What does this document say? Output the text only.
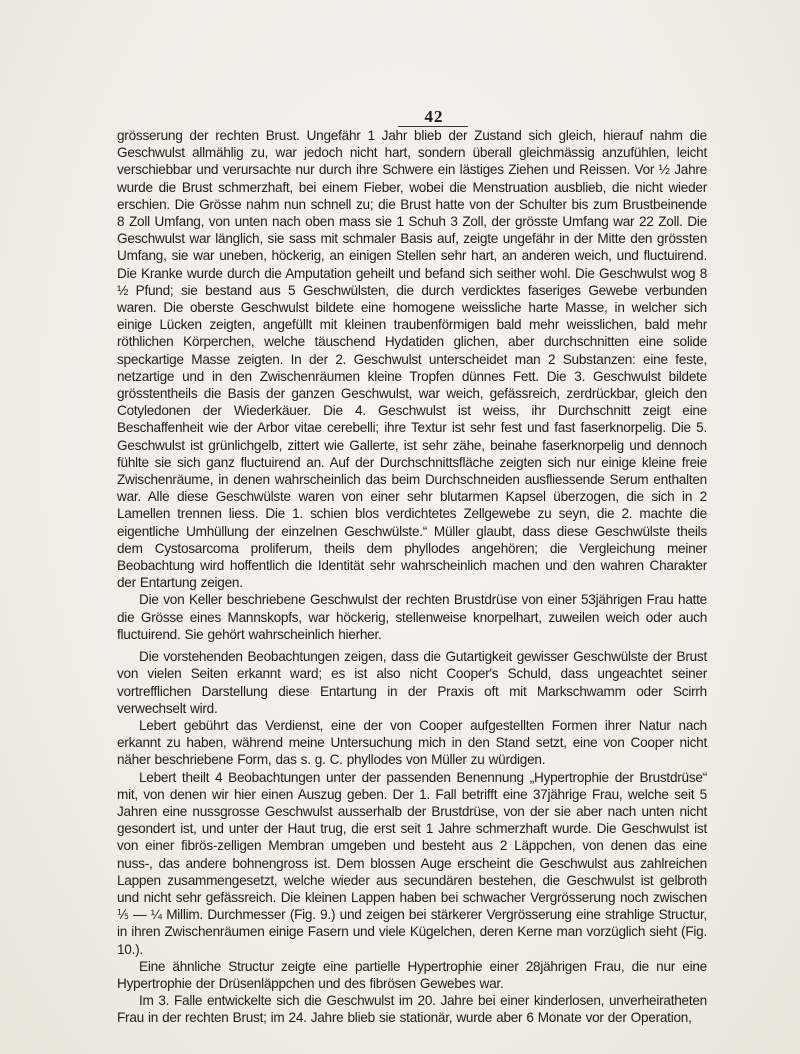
42

grösserung der rechten Brust. Ungefähr 1 Jahr blieb der Zustand sich gleich, hierauf nahm die Geschwulst allmählig zu, war jedoch nicht hart, sondern überall gleichmässig anzufühlen, leicht verschiebbar und verursachte nur durch ihre Schwere ein lästiges Ziehen und Reissen. Vor ½ Jahre wurde die Brust schmerzhaft, bei einem Fieber, wobei die Menstruation ausblieb, die nicht wieder erschien. Die Grösse nahm nun schnell zu; die Brust hatte von der Schulter bis zum Brustbeinende 8 Zoll Umfang, von unten nach oben mass sie 1 Schuh 3 Zoll, der grösste Umfang war 22 Zoll. Die Geschwulst war länglich, sie sass mit schmaler Basis auf, zeigte ungefähr in der Mitte den grössten Umfang, sie war uneben, höckerig, an einigen Stellen sehr hart, an anderen weich, und fluctuirend. Die Kranke wurde durch die Amputation geheilt und befand sich seither wohl. Die Geschwulst wog 8 ½ Pfund; sie bestand aus 5 Geschwülsten, die durch verdicktes faseriges Gewebe verbunden waren. Die oberste Geschwulst bildete eine homogene weissliche harte Masse, in welcher sich einige Lücken zeigten, angefüllt mit kleinen traubenförmigen bald mehr weisslichen, bald mehr röthlichen Körperchen, welche täuschend Hydatiden glichen, aber durchschnitten eine solide speckartige Masse zeigten. In der 2. Geschwulst unterscheidet man 2 Substanzen: eine feste, netzartige und in den Zwischenräumen kleine Tropfen dünnes Fett. Die 3. Geschwulst bildete grösstentheils die Basis der ganzen Geschwulst, war weich, gefässreich, zerdrückbar, gleich den Cotyledonen der Wiederkäuer. Die 4. Geschwulst ist weiss, ihr Durchschnitt zeigt eine Beschaffenheit wie der Arbor vitae cerebelli; ihre Textur ist sehr fest und fast faserknorpelig. Die 5. Geschwulst ist grünlichgelb, zittert wie Gallerte, ist sehr zähe, beinahe faserknorpelig und dennoch fühlte sie sich ganz fluctuirend an. Auf der Durchschnittsfläche zeigten sich nur einige kleine freie Zwischenräume, in denen wahrscheinlich das beim Durchschneiden ausfliessende Serum enthalten war. Alle diese Geschwülste waren von einer sehr blutarmen Kapsel überzogen, die sich in 2 Lamellen trennen liess. Die 1. schien blos verdichtetes Zellgewebe zu seyn, die 2. machte die eigentliche Umhüllung der einzelnen Geschwülste.“ Müller glaubt, dass diese Geschwülste theils dem Cystosarcoma proliferum, theils dem phyllodes angehören; die Vergleichung meiner Beobachtung wird hoffentlich die Identität sehr wahrscheinlich machen und den wahren Charakter der Entartung zeigen.

Die von Keller beschriebene Geschwulst der rechten Brustdrüse von einer 53jährigen Frau hatte die Grösse eines Mannskopfs, war höckerig, stellenweise knorpelhart, zuweilen weich oder auch fluctuirend. Sie gehört wahrscheinlich hierher.

Die vorstehenden Beobachtungen zeigen, dass die Gutartigkeit gewisser Geschwülste der Brust von vielen Seiten erkannt ward; es ist also nicht Cooper's Schuld, dass ungeachtet seiner vortrefflichen Darstellung diese Entartung in der Praxis oft mit Markschwamm oder Scirrh verwechselt wird.

Lebert gebührt das Verdienst, eine der von Cooper aufgestellten Formen ihrer Natur nach erkannt zu haben, während meine Untersuchung mich in den Stand setzt, eine von Cooper nicht näher beschriebene Form, das s. g. C. phyllodes von Müller zu würdigen.

Lebert theilt 4 Beobachtungen unter der passenden Benennung „Hypertrophie der Brustdrüse“ mit, von denen wir hier einen Auszug geben. Der 1. Fall betrifft eine 37jährige Frau, welche seit 5 Jahren eine nussgrosse Geschwulst ausserhalb der Brustdrüse, von der sie aber nach unten nicht gesondert ist, und unter der Haut trug, die erst seit 1 Jahre schmerzhaft wurde. Die Geschwulst ist von einer fibrös-zelligen Membran umgeben und besteht aus 2 Läppchen, von denen das eine nuss-, das andere bohnengross ist. Dem blossen Auge erscheint die Geschwulst aus zahlreichen Lappen zusammengesetzt, welche wieder aus secundären bestehen, die Geschwulst ist gelbroth und nicht sehr gefässreich. Die kleinen Lappen haben bei schwacher Vergrösserung noch zwischen ⅕ — ¼ Millim. Durchmesser (Fig. 9.) und zeigen bei stärkerer Vergrösserung eine strahlige Structur, in ihren Zwischenräumen einige Fasern und viele Kügelchen, deren Kerne man vorzüglich sieht (Fig. 10.).

Eine ähnliche Structur zeigte eine partielle Hypertrophie einer 28jährigen Frau, die nur eine Hypertrophie der Drüsenläppchen und des fibrösen Gewebes war.

Im 3. Falle entwickelte sich die Geschwulst im 20. Jahre bei einer kinderlosen, unverheiratheten Frau in der rechten Brust; im 24. Jahre blieb sie stationär, wurde aber 6 Monate vor der Operation,
